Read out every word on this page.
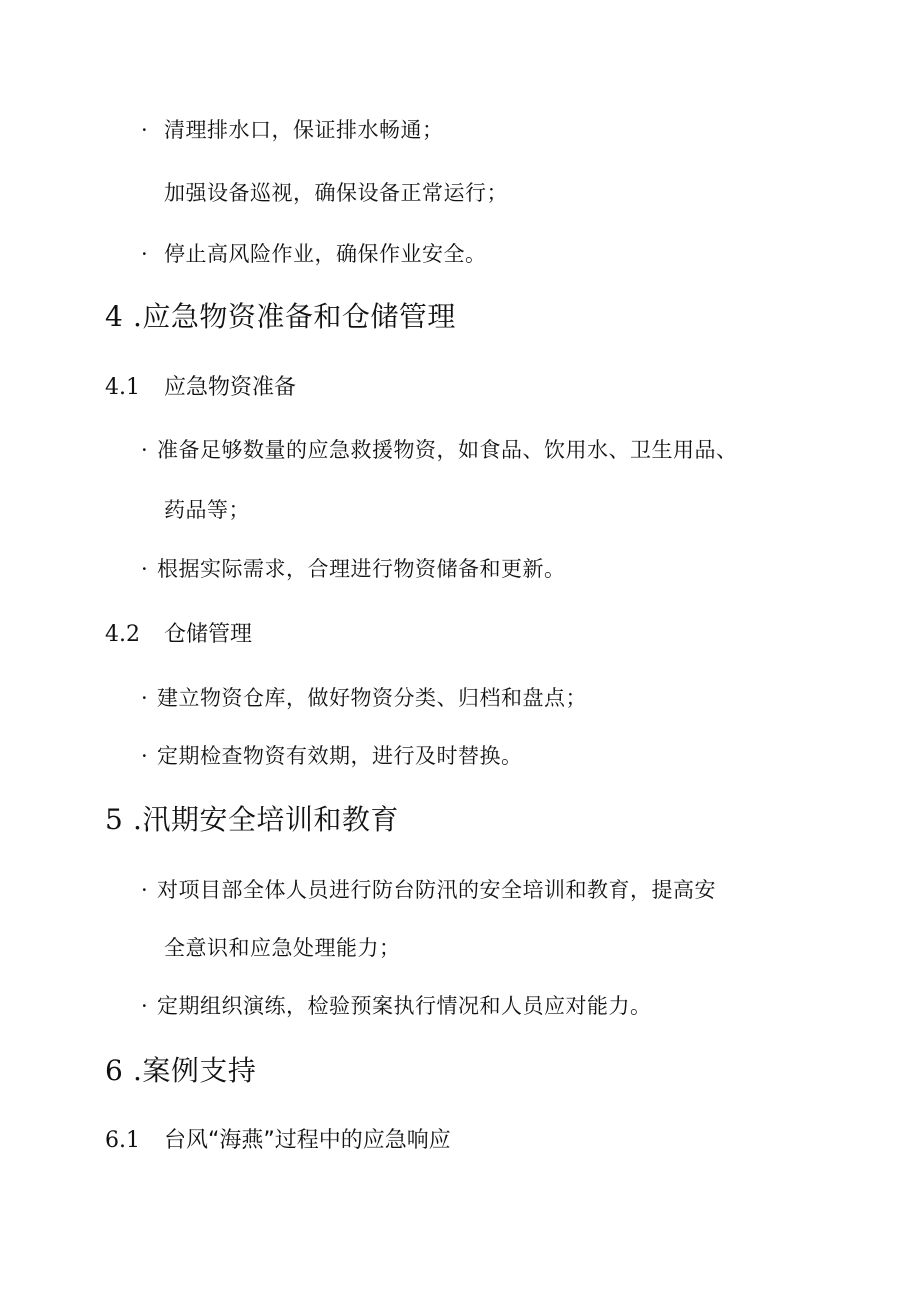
· 清理排水口，保证排水畅通；
加强设备巡视，确保设备正常运行；
· 停止高风险作业，确保作业安全。
4 .应急物资准备和仓储管理
4.1 应急物资准备
· 准备足够数量的应急救援物资，如食品、饮用水、卫生用品、
药品等；
· 根据实际需求，合理进行物资储备和更新。
4.2 仓储管理
· 建立物资仓库，做好物资分类、归档和盘点；
· 定期检查物资有效期，进行及时替换。
5 .汛期安全培训和教育
· 对项目部全体人员进行防台防汛的安全培训和教育，提高安
全意识和应急处理能力；
· 定期组织演练，检验预案执行情况和人员应对能力。
6 .案例支持
6.1 台风“海燕”过程中的应急响应
